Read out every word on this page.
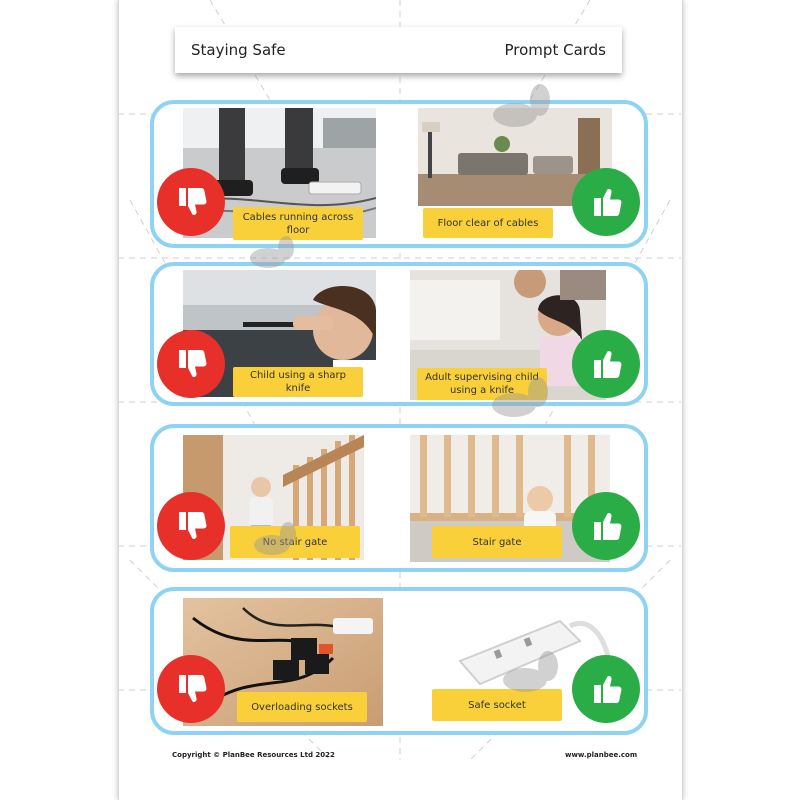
Staying Safe	Prompt Cards
Cables running across floor
Floor clear of cables
Child using a sharp knife
Adult supervising child using a knife
No stair gate	Stair gate
Overloading sockets	Safe socket
Copyright © PlanBee Resources Ltd 2022	www.planbee.com
